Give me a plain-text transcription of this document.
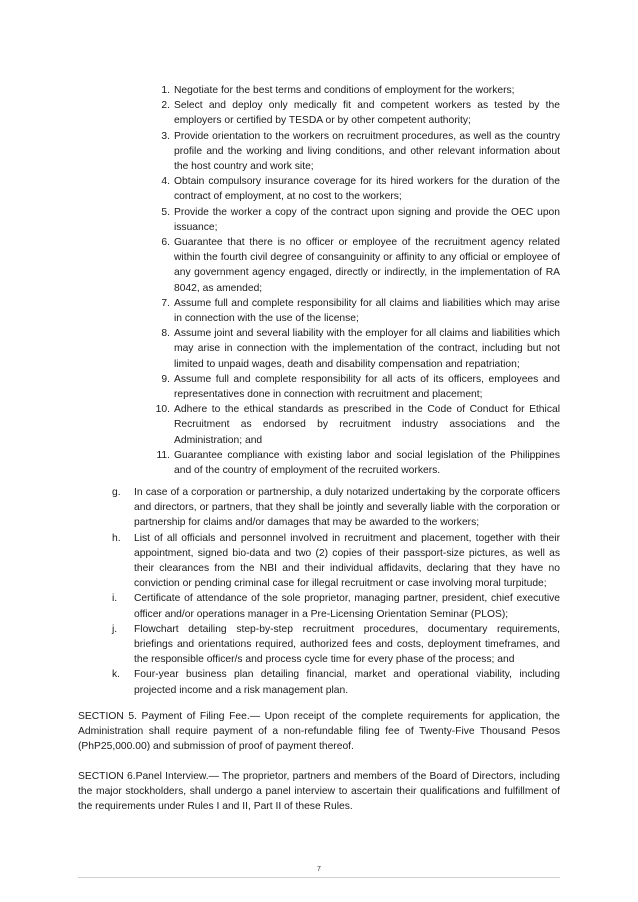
1. Negotiate for the best terms and conditions of employment for the workers;
2. Select and deploy only medically fit and competent workers as tested by the employers or certified by TESDA or by other competent authority;
3. Provide orientation to the workers on recruitment procedures, as well as the country profile and the working and living conditions, and other relevant information about the host country and work site;
4. Obtain compulsory insurance coverage for its hired workers for the duration of the contract of employment, at no cost to the workers;
5. Provide the worker a copy of the contract upon signing and provide the OEC upon issuance;
6. Guarantee that there is no officer or employee of the recruitment agency related within the fourth civil degree of consanguinity or affinity to any official or employee of any government agency engaged, directly or indirectly, in the implementation of RA 8042, as amended;
7. Assume full and complete responsibility for all claims and liabilities which may arise in connection with the use of the license;
8. Assume joint and several liability with the employer for all claims and liabilities which may arise in connection with the implementation of the contract, including but not limited to unpaid wages, death and disability compensation and repatriation;
9. Assume full and complete responsibility for all acts of its officers, employees and representatives done in connection with recruitment and placement;
10. Adhere to the ethical standards as prescribed in the Code of Conduct for Ethical Recruitment as endorsed by recruitment industry associations and the Administration; and
11. Guarantee compliance with existing labor and social legislation of the Philippines and of the country of employment of the recruited workers.
g. In case of a corporation or partnership, a duly notarized undertaking by the corporate officers and directors, or partners, that they shall be jointly and severally liable with the corporation or partnership for claims and/or damages that may be awarded to the workers;
h. List of all officials and personnel involved in recruitment and placement, together with their appointment, signed bio-data and two (2) copies of their passport-size pictures, as well as their clearances from the NBI and their individual affidavits, declaring that they have no conviction or pending criminal case for illegal recruitment or case involving moral turpitude;
i. Certificate of attendance of the sole proprietor, managing partner, president, chief executive officer and/or operations manager in a Pre-Licensing Orientation Seminar (PLOS);
j. Flowchart detailing step-by-step recruitment procedures, documentary requirements, briefings and orientations required, authorized fees and costs, deployment timeframes, and the responsible officer/s and process cycle time for every phase of the process; and
k. Four-year business plan detailing financial, market and operational viability, including projected income and a risk management plan.

SECTION 5. Payment of Filing Fee.— Upon receipt of the complete requirements for application, the Administration shall require payment of a non-refundable filing fee of Twenty-Five Thousand Pesos (PhP25,000.00) and submission of proof of payment thereof.

SECTION 6.Panel Interview.— The proprietor, partners and members of the Board of Directors, including the major stockholders, shall undergo a panel interview to ascertain their qualifications and fulfillment of the requirements under Rules I and II, Part II of these Rules.

7
